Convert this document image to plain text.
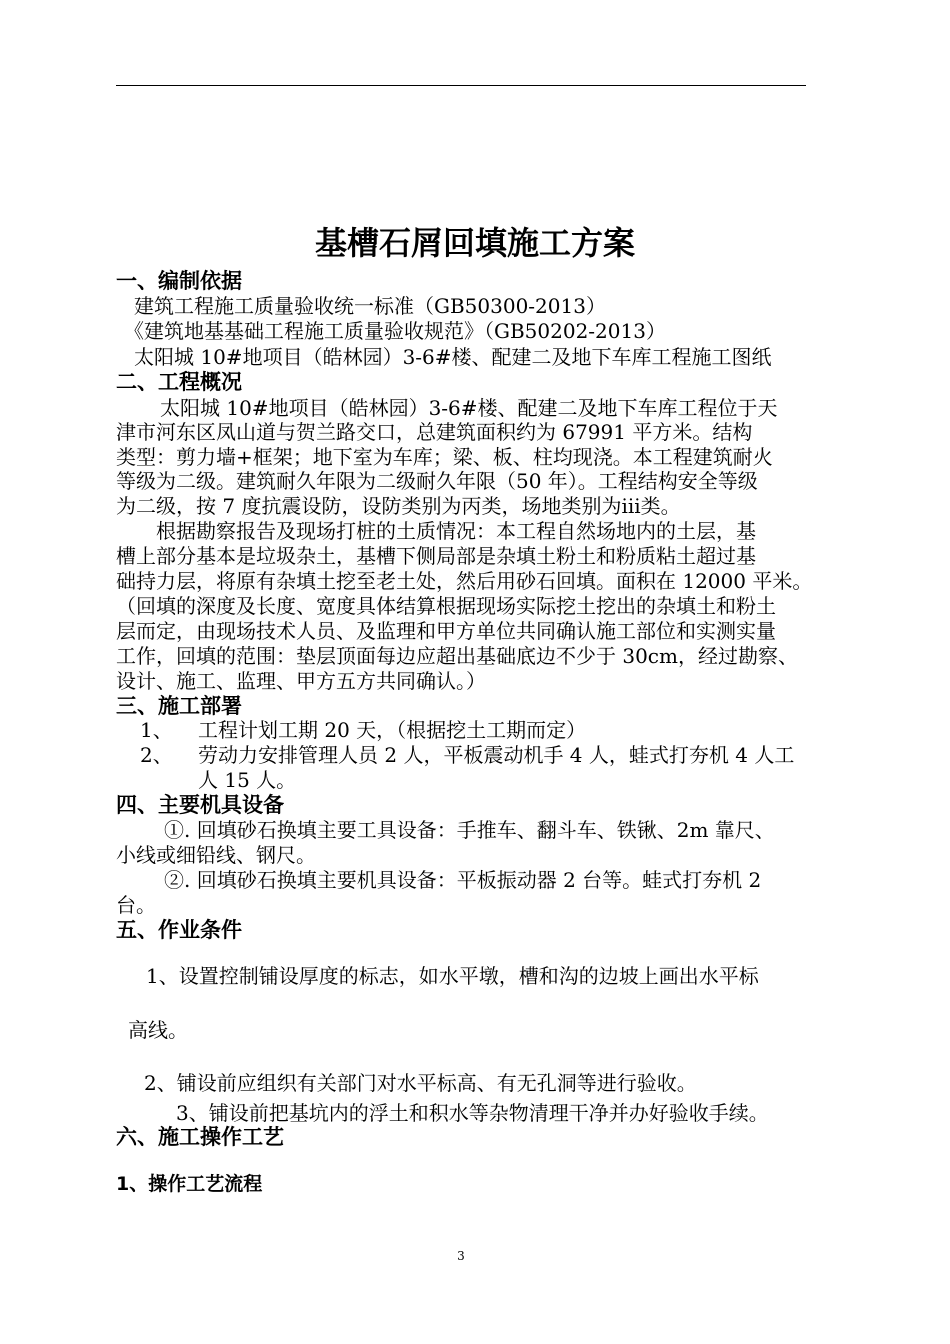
基槽石屑回填施工方案
一、编制依据
建筑工程施工质量验收统一标准（GB50300-2013）
《建筑地基基础工程施工质量验收规范》（GB50202-2013）
太阳城 10#地项目（皓林园）3-6#楼、配建二及地下车库工程施工图纸
二、工程概况
太阳城 10#地项目（皓林园）3-6#楼、配建二及地下车库工程位于天
津市河东区凤山道与贺兰路交口，总建筑面积约为 67991 平方米。结构
类型：剪力墙+框架；地下室为车库；梁、板、柱均现浇。本工程建筑耐火
等级为二级。建筑耐久年限为二级耐久年限（50 年）。工程结构安全等级
为二级，按 7 度抗震设防，设防类别为丙类，场地类别为iii类。
根据勘察报告及现场打桩的土质情况：本工程自然场地内的土层，基
槽上部分基本是垃圾杂土，基槽下侧局部是杂填土粉土和粉质粘土超过基
础持力层，将原有杂填土挖至老土处，然后用砂石回填。面积在 12000 平米。
（回填的深度及长度、宽度具体结算根据现场实际挖土挖出的杂填土和粉土
层而定，由现场技术人员、及监理和甲方单位共同确认施工部位和实测实量
工作，回填的范围：垫层顶面每边应超出基础底边不少于 30cm，经过勘察、
设计、施工、监理、甲方五方共同确认。）
三、施工部署
1、 工程计划工期 20 天，（根据挖土工期而定）
2、 劳动力安排管理人员 2 人，平板震动机手 4 人，蛙式打夯机 4 人工
人 15 人。
四、主要机具设备
①. 回填砂石换填主要工具设备：手推车、翻斗车、铁锹、2m 靠尺、
小线或细铅线、钢尺。
②. 回填砂石换填主要机具设备：平板振动器 2 台等。蛙式打夯机 2
台。
五、作业条件
1、设置控制铺设厚度的标志，如水平墩，槽和沟的边坡上画出水平标
高线。
2、铺设前应组织有关部门对水平标高、有无孔洞等进行验收。
3、铺设前把基坑内的浮土和积水等杂物清理干净并办好验收手续。
六、施工操作工艺
1、操作工艺流程
3
